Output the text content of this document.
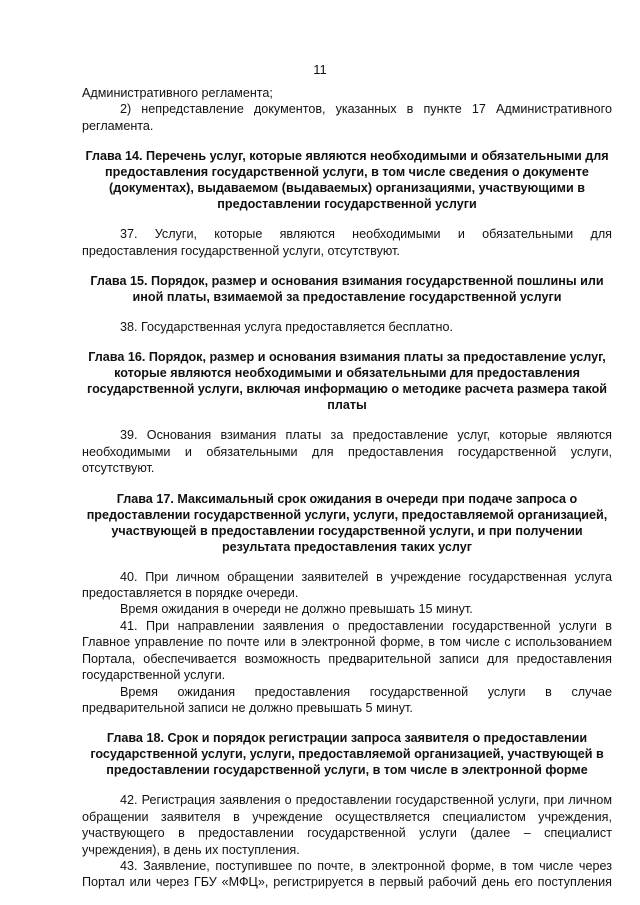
11

Административного регламента;

2) непредставление документов, указанных в пункте 17 Административного регламента.

Глава 14. Перечень услуг, которые являются необходимыми и обязательными для предоставления государственной услуги, в том числе сведения о документе (документах), выдаваемом (выдаваемых) организациями, участвующими в предоставлении государственной услуги

37. Услуги, которые являются необходимыми и обязательными для предоставления государственной услуги, отсутствуют.

Глава 15. Порядок, размер и основания взимания государственной пошлины или иной платы, взимаемой за предоставление государственной услуги

38. Государственная услуга предоставляется бесплатно.

Глава 16. Порядок, размер и основания взимания платы за предоставление услуг, которые являются необходимыми и обязательными для предоставления государственной услуги, включая информацию о методике расчета размера такой платы

39. Основания взимания платы за предоставление услуг, которые являются необходимыми и обязательными для предоставления государственной услуги, отсутствуют.

Глава 17. Максимальный срок ожидания в очереди при подаче запроса о предоставлении государственной услуги, услуги, предоставляемой организацией, участвующей в предоставлении государственной услуги, и при получении результата предоставления таких услуг

40. При личном обращении заявителей в учреждение государственная услуга предоставляется в порядке очереди.

Время ожидания в очереди не должно превышать 15 минут.

41. При направлении заявления о предоставлении государственной услуги в Главное управление по почте или в электронной форме, в том числе с использованием Портала, обеспечивается возможность предварительной записи для предоставления государственной услуги.

Время ожидания предоставления государственной услуги в случае предварительной записи не должно превышать 5 минут.

Глава 18. Срок и порядок регистрации запроса заявителя о предоставлении государственной услуги, услуги, предоставляемой организацией, участвующей в предоставлении государственной услуги, в том числе в электронной форме

42. Регистрация заявления о предоставлении государственной услуги, при личном обращении заявителя в учреждение осуществляется специалистом учреждения, участвующего в предоставлении государственной услуги (далее – специалист учреждения), в день их поступления.

43. Заявление, поступившее по почте, в электронной форме, в том числе через Портал или через ГБУ «МФЦ», регистрируется в первый рабочий день его поступления
